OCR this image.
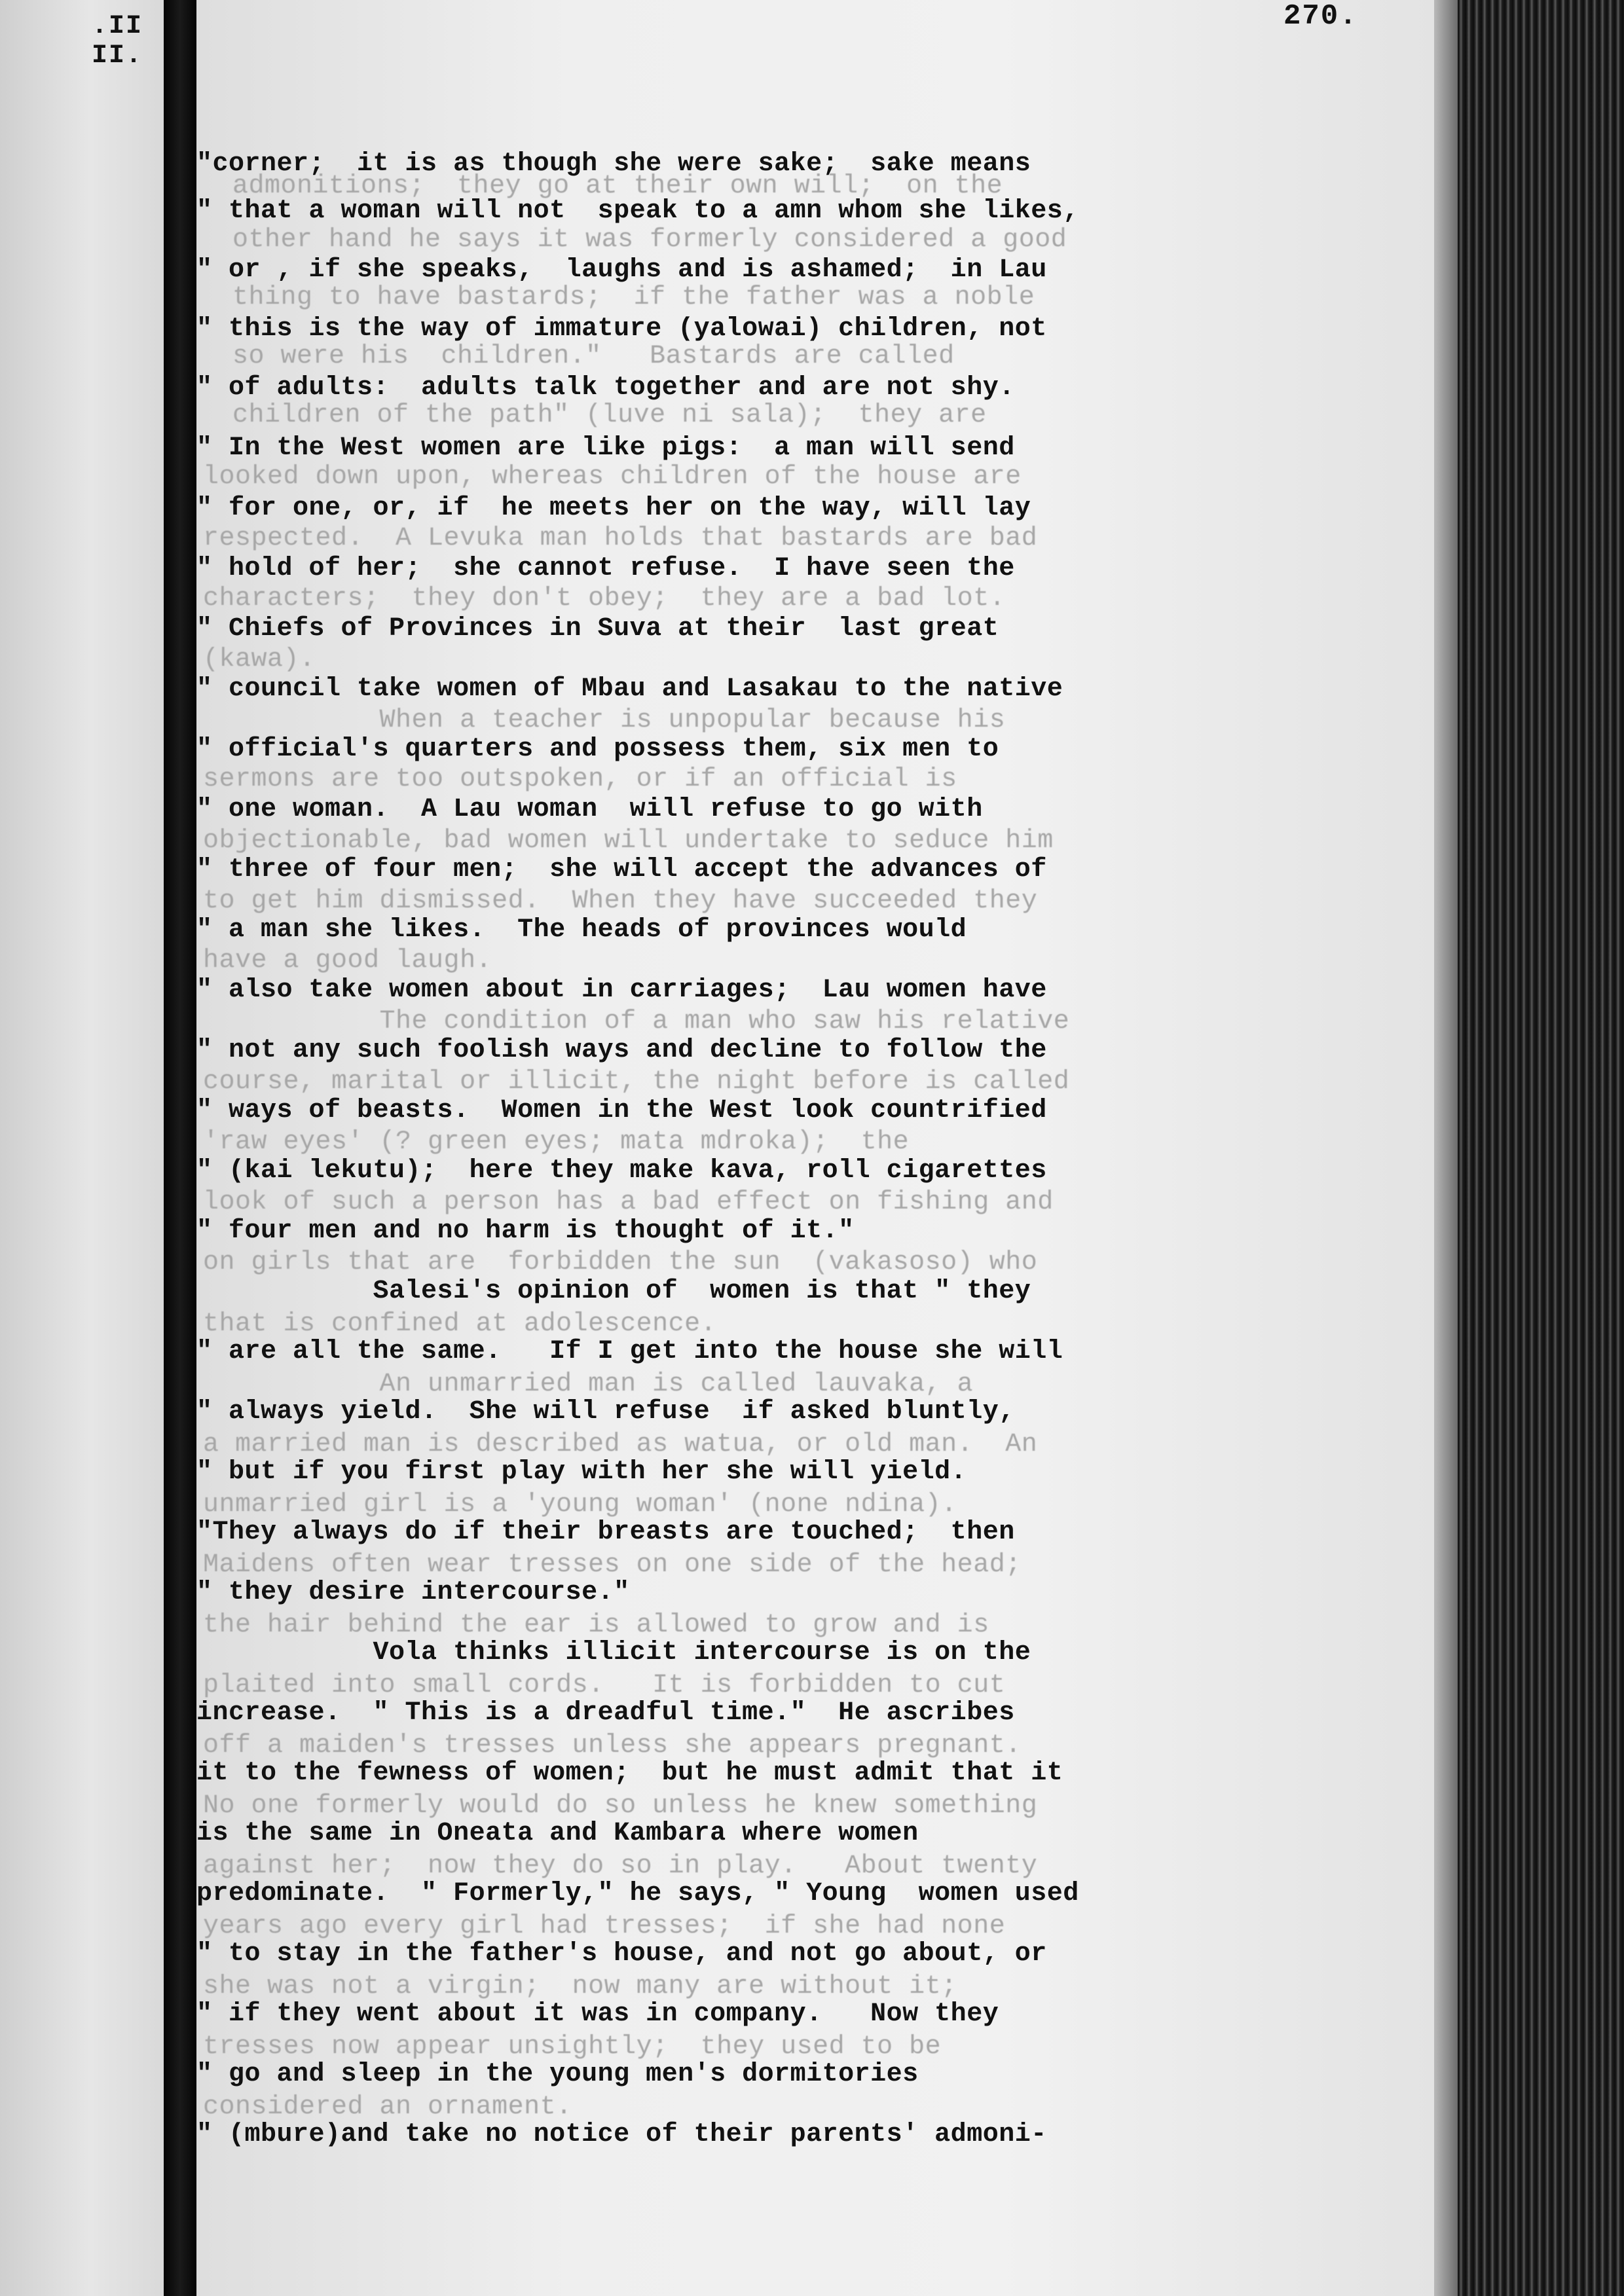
.II II.
270.

admonitions;  they go at their own will;  on the

other hand he says it was formerly considered a good

thing to have bastards;  if the father was a noble

so were his  children."   Bastards are called

children of the path" (luve ni sala);  they are

looked down upon, whereas children of the house are

respected.  A Levuka man holds that bastards are bad

characters;  they don't obey;  they are a bad lot.

(kawa).

When a teacher is unpopular because his

sermons are too outspoken, or if an official is

objectionable, bad women will undertake to seduce him

to get him dismissed.  When they have succeeded they

have a good laugh.

The condition of a man who saw his relative

course, marital or illicit, the night before is called

'raw eyes' (? green eyes; mata mdroka);  the

look of such a person has a bad effect on fishing and

on girls that are  forbidden the sun  (vakasoso) who

that is confined at adolescence.

An unmarried man is called lauvaka, a

a married man is described as watua, or old man.  An

unmarried girl is a 'young woman' (none ndina).

Maidens often wear tresses on one side of the head;

the hair behind the ear is allowed to grow and is

plaited into small cords.   It is forbidden to cut

off a maiden's tresses unless she appears pregnant.

No one formerly would do so unless he knew something

against her;  now they do so in play.   About twenty

years ago every girl had tresses;  if she had none

she was not a virgin;  now many are without it;

tresses now appear unsightly;  they used to be

considered an ornament.

"corner;  it is as though she were sake;  sake means

" that a woman will not  speak to a amn whom she likes,

" or , if she speaks,  laughs and is ashamed;  in Lau

" this is the way of immature (yalowai) children, not

" of adults:  adults talk together and are not shy.

" In the West women are like pigs:  a man will send

" for one, or, if  he meets her on the way, will lay

" hold of her;  she cannot refuse.  I have seen the

" Chiefs of Provinces in Suva at their  last great

" council take women of Mbau and Lasakau to the native

" official's quarters and possess them, six men to

" one woman.  A Lau woman  will refuse to go with

" three of four men;  she will accept the advances of

" a man she likes.  The heads of provinces would

" also take women about in carriages;  Lau women have

" not any such foolish ways and decline to follow the

" ways of beasts.  Women in the West look countrified

" (kai lekutu);  here they make kava, roll cigarettes

" four men and no harm is thought of it."

Salesi's opinion of  women is that " they

" are all the same.   If I get into the house she will

" always yield.  She will refuse  if asked bluntly,

" but if you first play with her she will yield.

"They always do if their breasts are touched;  then

" they desire intercourse."

Vola thinks illicit intercourse is on the

increase.  " This is a dreadful time."  He ascribes

it to the fewness of women;  but he must admit that it

is the same in Oneata and Kambara where women

predominate.  " Formerly," he says, " Young  women used

" to stay in the father's house, and not go about, or

" if they went about it was in company.   Now they

" go and sleep in the young men's dormitories

" (mbure)and take no notice of their parents' admoni-
